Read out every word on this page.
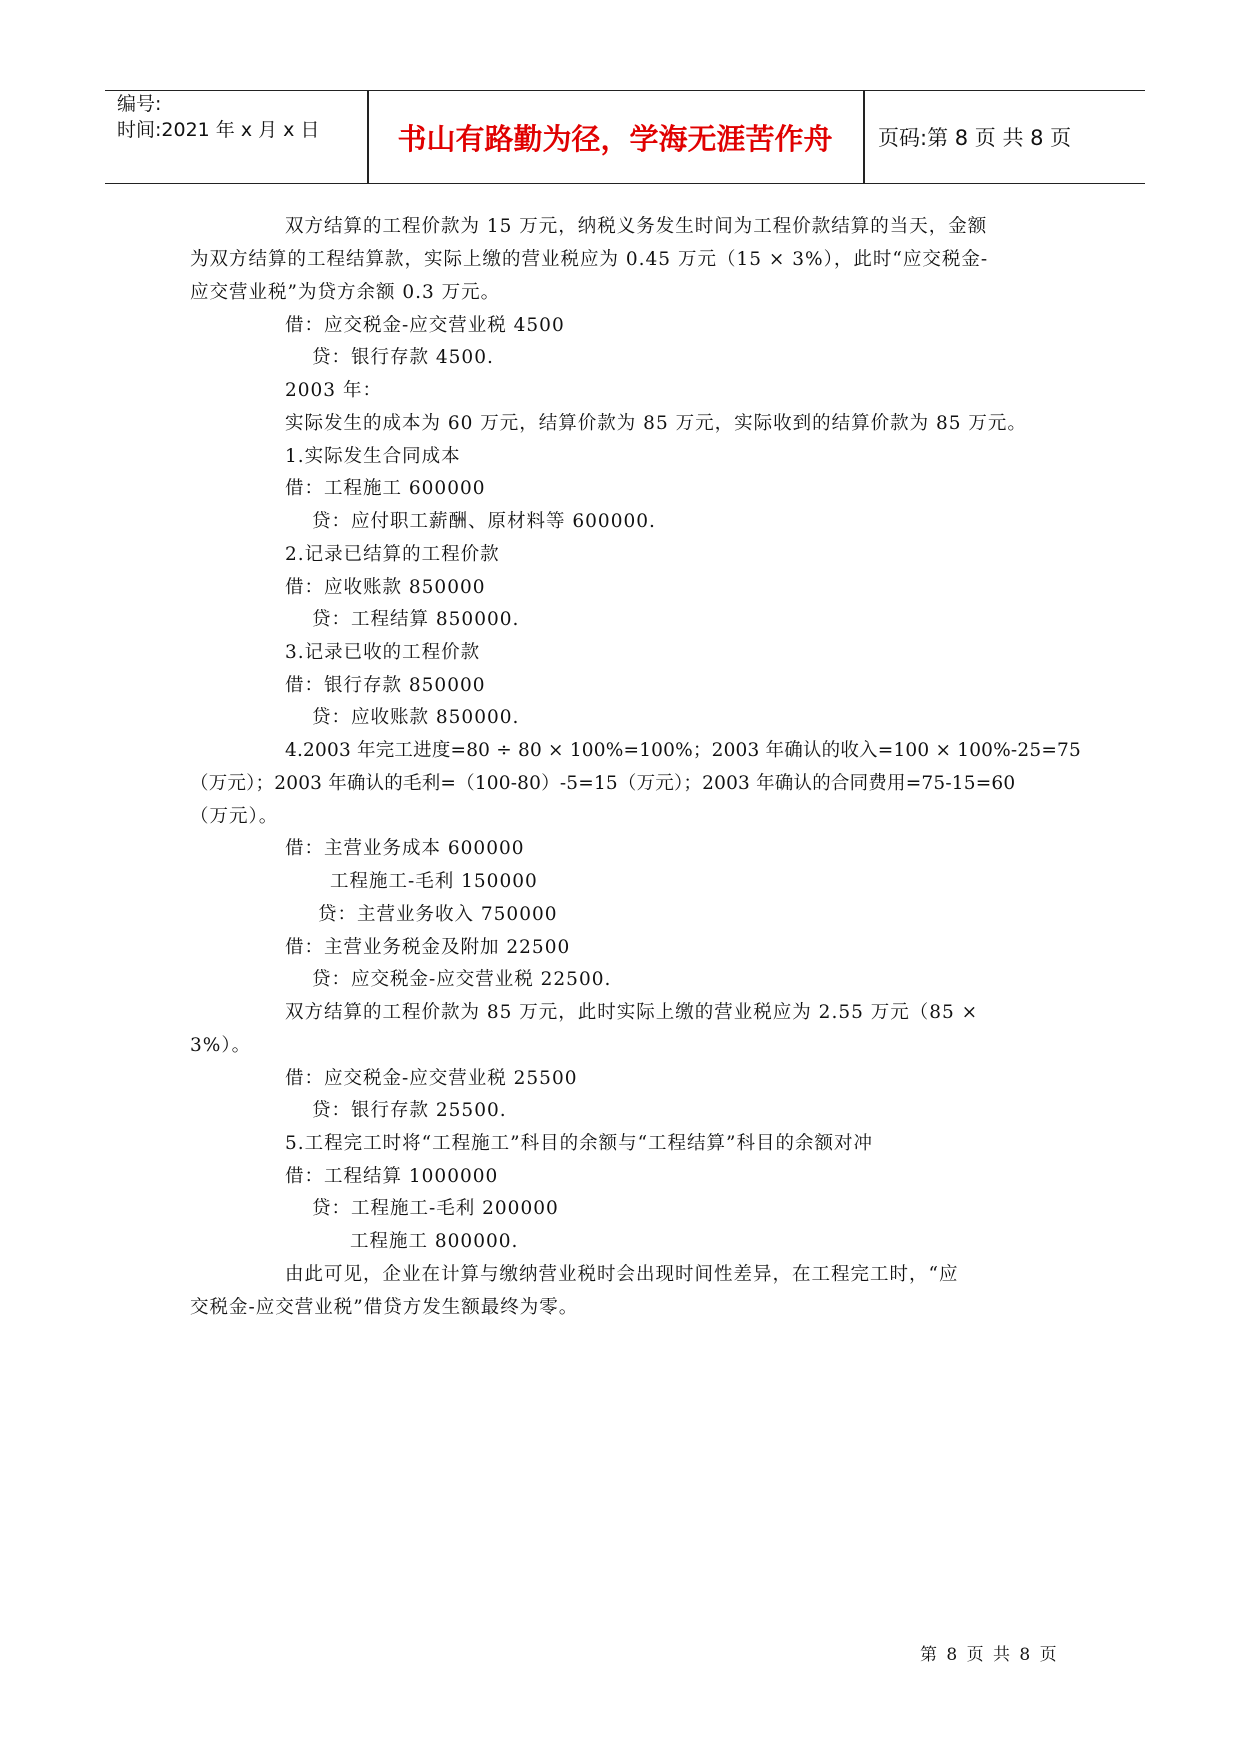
编号:
时间:2021 年 x 月 x 日	书山有路勤为径，学海无涯苦作舟	页码:第 8 页 共 8 页
双方结算的工程价款为 15 万元，纳税义务发生时间为工程价款结算的当天，金额
为双方结算的工程结算款，实际上缴的营业税应为 0.45 万元（15 × 3%），此时“应交税金-
应交营业税”为贷方余额 0.3 万元。
借：应交税金-应交营业税 4500
贷：银行存款 4500.
2003 年：
实际发生的成本为 60 万元，结算价款为 85 万元，实际收到的结算价款为 85 万元。
1.实际发生合同成本
借：工程施工 600000
贷：应付职工薪酬、原材料等 600000.
2.记录已结算的工程价款
借：应收账款 850000
贷：工程结算 850000.
3.记录已收的工程价款
借：银行存款 850000
贷：应收账款 850000.
4.2003 年完工进度=80 ÷ 80 × 100%=100%；2003 年确认的收入=100 × 100%-25=75
（万元）；2003 年确认的毛利=（100-80）-5=15（万元）；2003 年确认的合同费用=75-15=60
（万元）。
借：主营业务成本 600000
工程施工-毛利 150000
贷：主营业务收入 750000
借：主营业务税金及附加 22500
贷：应交税金-应交营业税 22500.
双方结算的工程价款为 85 万元，此时实际上缴的营业税应为 2.55 万元（85 ×
3%）。
借：应交税金-应交营业税 25500
贷：银行存款 25500.
5.工程完工时将“工程施工”科目的余额与“工程结算”科目的余额对冲
借：工程结算 1000000
贷：工程施工-毛利 200000
工程施工 800000.
由此可见，企业在计算与缴纳营业税时会出现时间性差异，在工程完工时，“应
交税金-应交营业税”借贷方发生额最终为零。
第 8 页 共 8 页
